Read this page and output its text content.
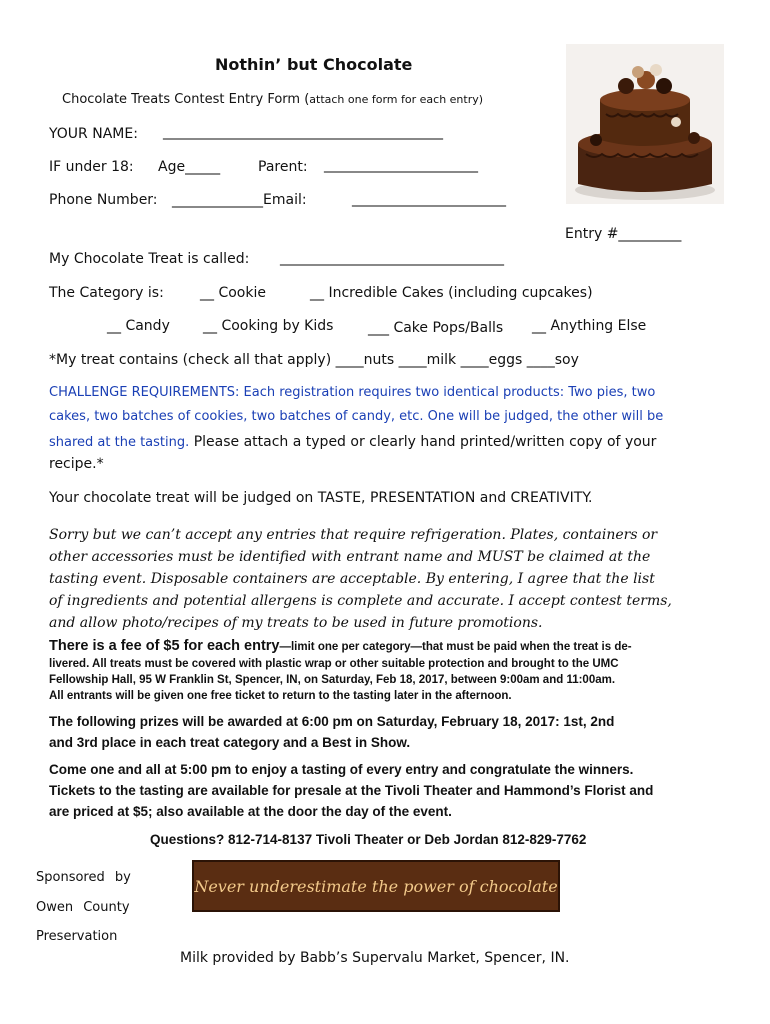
Nothin’ but Chocolate
Chocolate Treats Contest Entry Form (attach one form for each entry)
YOUR NAME: ________________________________________
IF under 18: Age_____	Parent: ______________________
Phone Number: _____________Email:	______________________
Entry #_________
My Chocolate Treat is called: ________________________________
The Category is:	__ Cookie	__ Incredible Cakes (including cupcakes)
__ Candy __ Cooking by Kids ___ Cake Pops/Balls __ Anything Else
*My treat contains (check all that apply) ____nuts ____milk ____eggs ____soy
CHALLENGE REQUIREMENTS: Each registration requires two identical products: Two pies, two
cakes, two batches of cookies, two batches of candy, etc. One will be judged, the other will be
shared at the tasting. Please attach a typed or clearly hand printed/written copy of your
recipe.*
Your chocolate treat will be judged on TASTE, PRESENTATION and CREATIVITY.
Sorry but we can’t accept any entries that require refrigeration. Plates, containers or
other accessories must be identified with entrant name and MUST be claimed at the
tasting event. Disposable containers are acceptable. By entering, I agree that the list
of ingredients and potential allergens is complete and accurate. I accept contest terms,
and allow photo/recipes of my treats to be used in future promotions.
There is a fee of $5 for each entry—limit one per category—that must be paid when the treat is de-
livered. All treats must be covered with plastic wrap or other suitable protection and brought to the UMC
Fellowship Hall, 95 W Franklin St, Spencer, IN, on Saturday, Feb 18, 2017, between 9:00am and 11:00am.
All entrants will be given one free ticket to return to the tasting later in the afternoon.
The following prizes will be awarded at 6:00 pm on Saturday, February 18, 2017: 1st, 2nd
and 3rd place in each treat category and a Best in Show.
Come one and all at 5:00 pm to enjoy a tasting of every entry and congratulate the winners.
Tickets to the tasting are available for presale at the Tivoli Theater and Hammond’s Florist and
are priced at $5; also available at the door the day of the event.
Questions? 812-714-8137 Tivoli Theater or Deb Jordan 812-829-7762
Sponsored by
Owen County
Preservation
Never underestimate the power of chocolate
Milk provided by Babb’s Supervalu Market, Spencer, IN.
